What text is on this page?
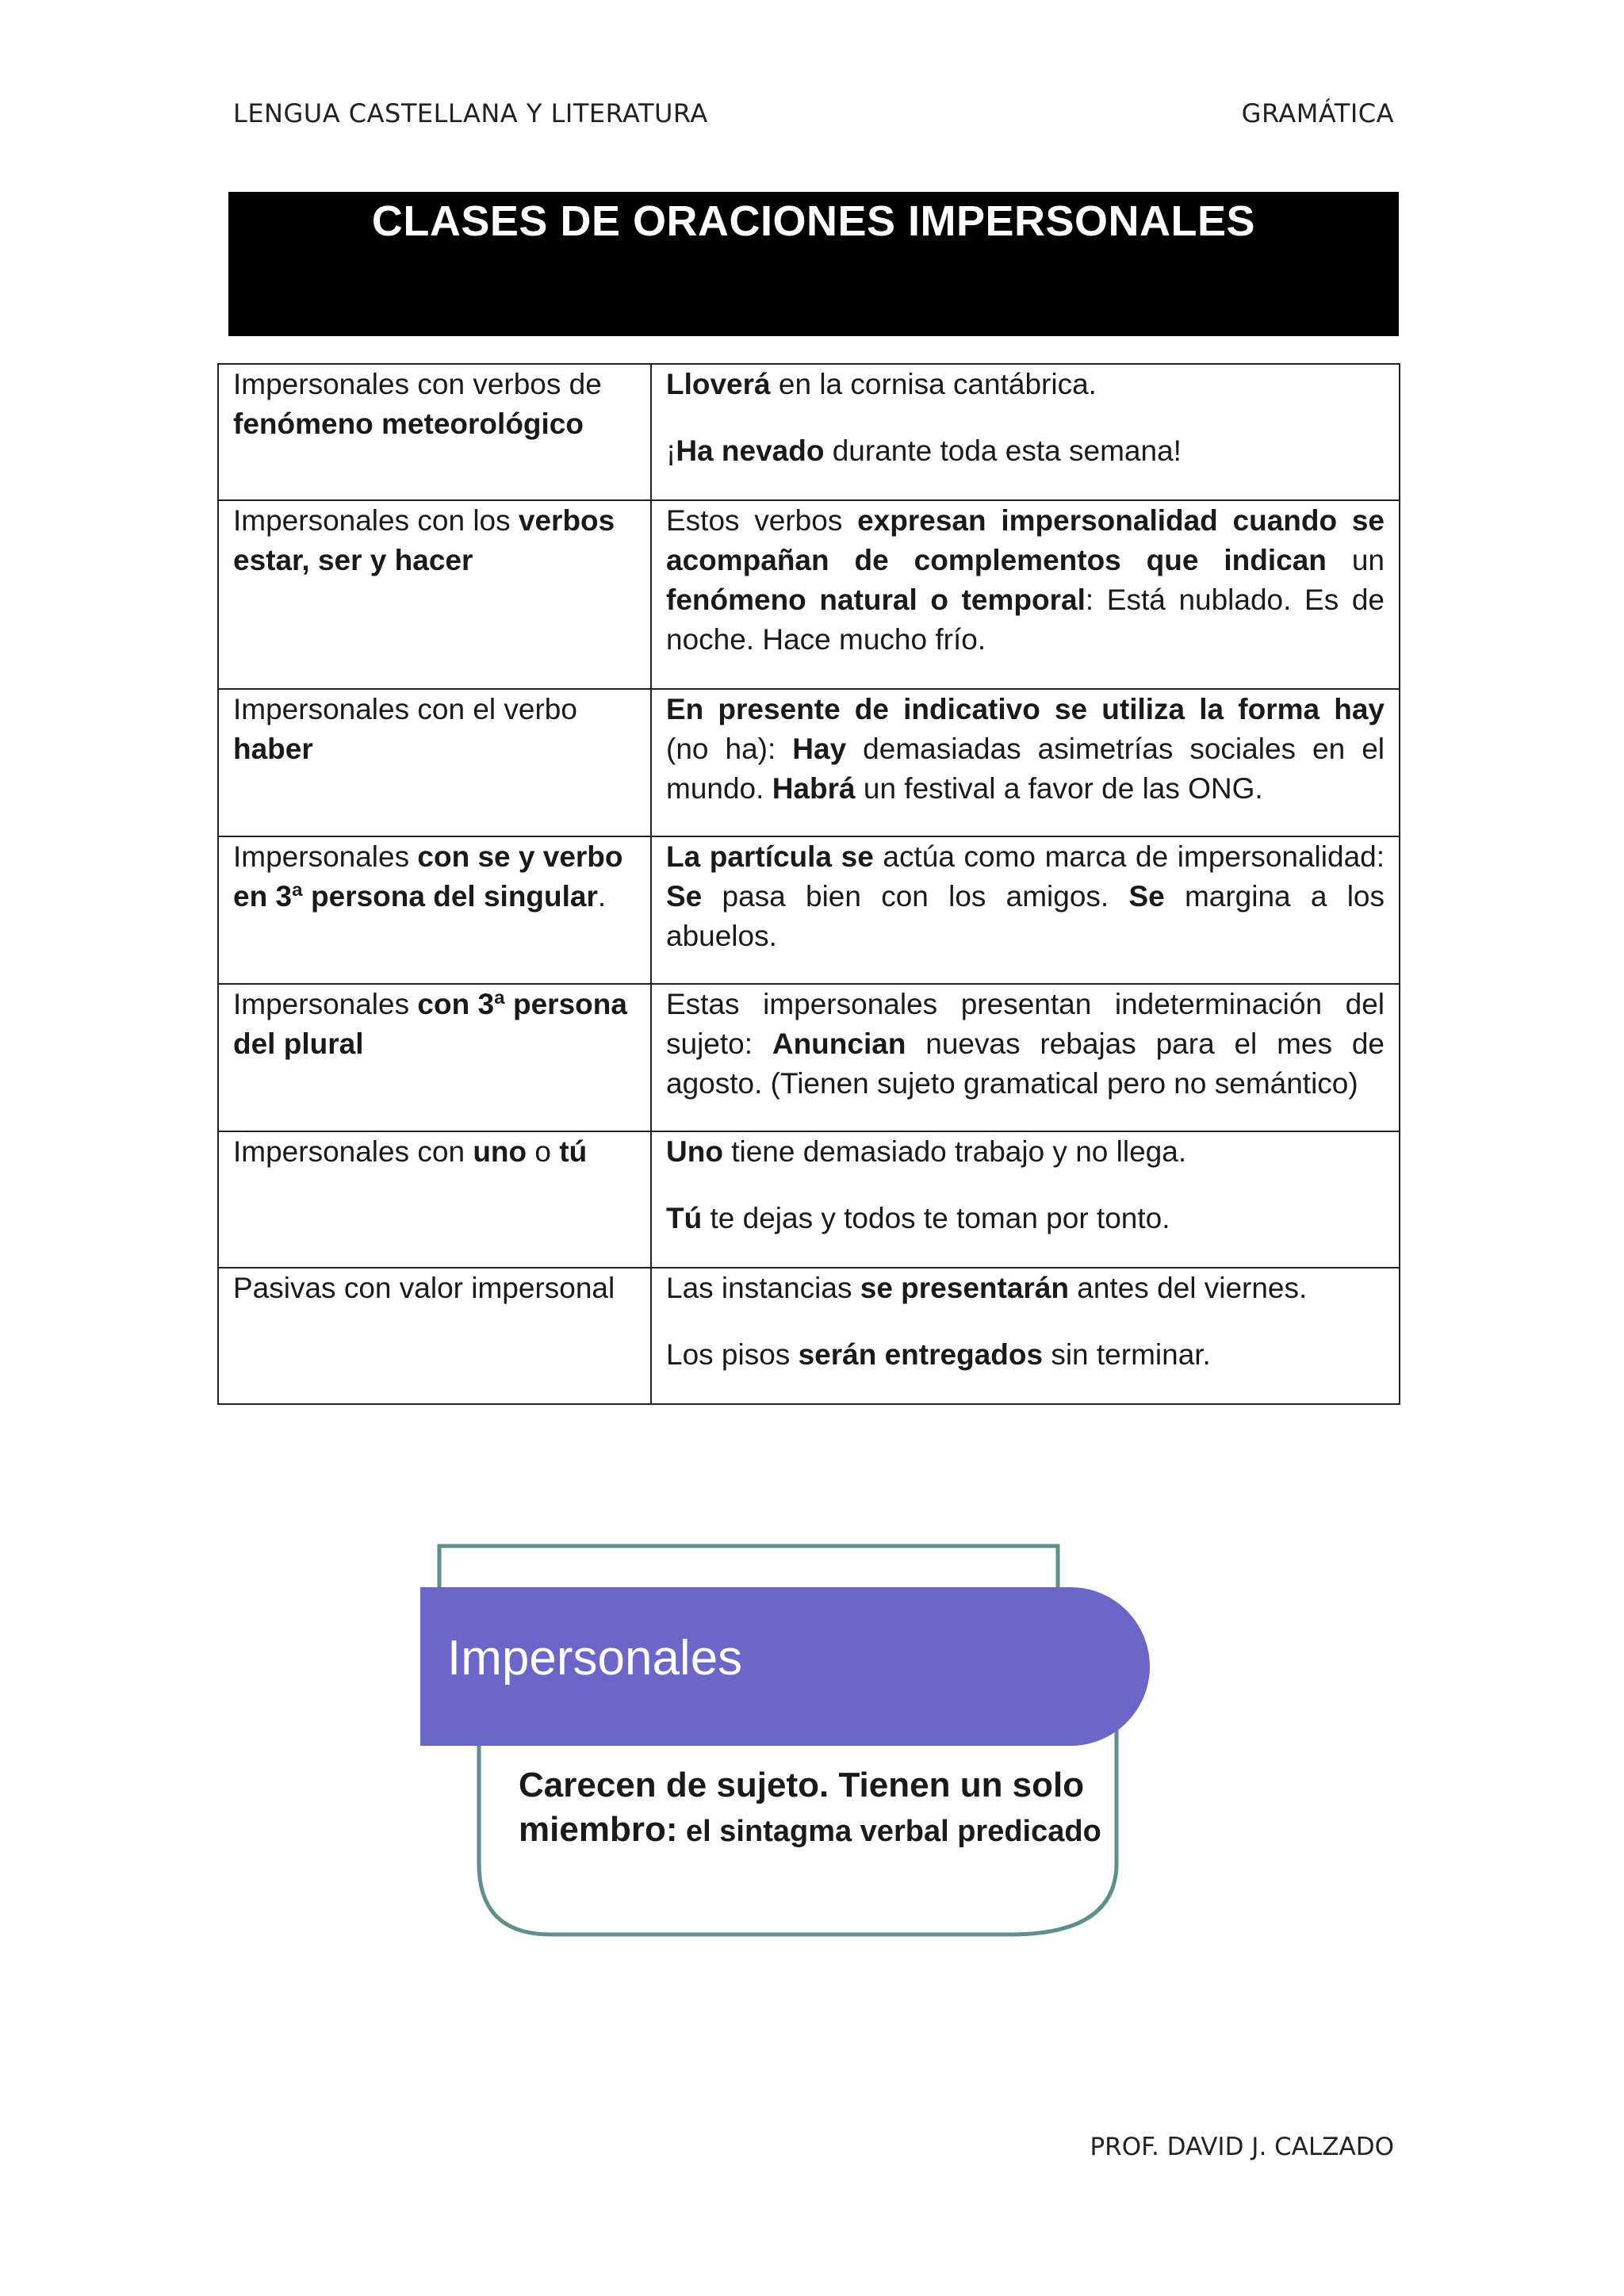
LENGUA CASTELLANA Y LITERATURA	GRAMÁTICA
CLASES DE ORACIONES IMPERSONALES
Impersonales con verbos de fenómeno meteorológico	Lloverá en la cornisa cantábrica.

¡Ha nevado durante toda esta semana!

Impersonales con los verbos estar, ser y hacer	Estos verbos expresan impersonalidad cuando se acompañan de complementos que indican un fenómeno natural o temporal: Está nublado. Es de noche. Hace mucho frío.

Impersonales con el verbo haber	En presente de indicativo se utiliza la forma hay (no ha): Hay demasiadas asimetrías sociales en el mundo. Habrá un festival a favor de las ONG.

Impersonales con se y verbo en 3ª persona del singular.	La partícula se actúa como marca de impersonalidad: Se pasa bien con los amigos. Se margina a los abuelos.

Impersonales con 3ª persona del plural	Estas impersonales presentan indeterminación del sujeto: Anuncian nuevas rebajas para el mes de agosto. (Tienen sujeto gramatical pero no semántico)

Impersonales con uno o tú	Uno tiene demasiado trabajo y no llega.

Tú te dejas y todos te toman por tonto.

Pasivas con valor impersonal	Las instancias se presentarán antes del viernes.

Los pisos serán entregados sin terminar.

Impersonales
Carecen de sujeto. Tienen un solo miembro: el sintagma verbal predicado
PROF. DAVID J. CALZADO
